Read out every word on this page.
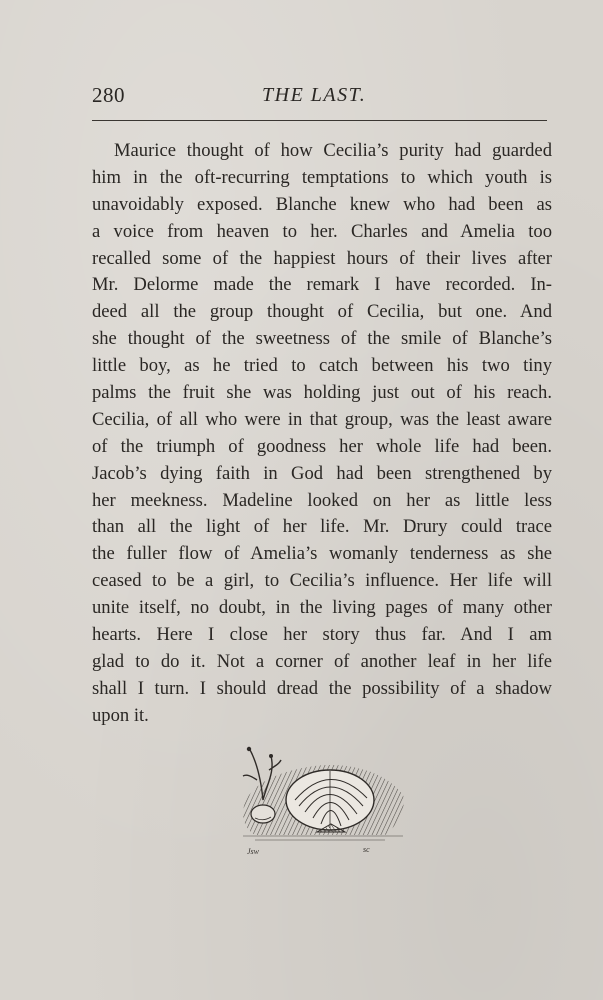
280	THE LAST.
Maurice thought of how Cecilia’s purity had guarded
him in the oft-recurring temptations to which youth is
unavoidably exposed. Blanche knew who had been as
a voice from heaven to her. Charles and Amelia too
recalled some of the happiest hours of their lives after
Mr. Delorme made the remark I have recorded. In-
deed all the group thought of Cecilia, but one. And
she thought of the sweetness of the smile of Blanche’s
little boy, as he tried to catch between his two tiny
palms the fruit she was holding just out of his reach.
Cecilia, of all who were in that group, was the least aware
of the triumph of goodness her whole life had been.
Jacob’s dying faith in God had been strengthened by
her meekness. Madeline looked on her as little less
than all the light of her life. Mr. Drury could trace
the fuller flow of Amelia’s womanly tenderness as she
ceased to be a girl, to Cecilia’s influence. Her life will
unite itself, no doubt, in the living pages of many other
hearts. Here I close her story thus far. And I am
glad to do it. Not a corner of another leaf in her life
shall I turn. I should dread the possibility of a shadow
upon it.
Jsw	sc
